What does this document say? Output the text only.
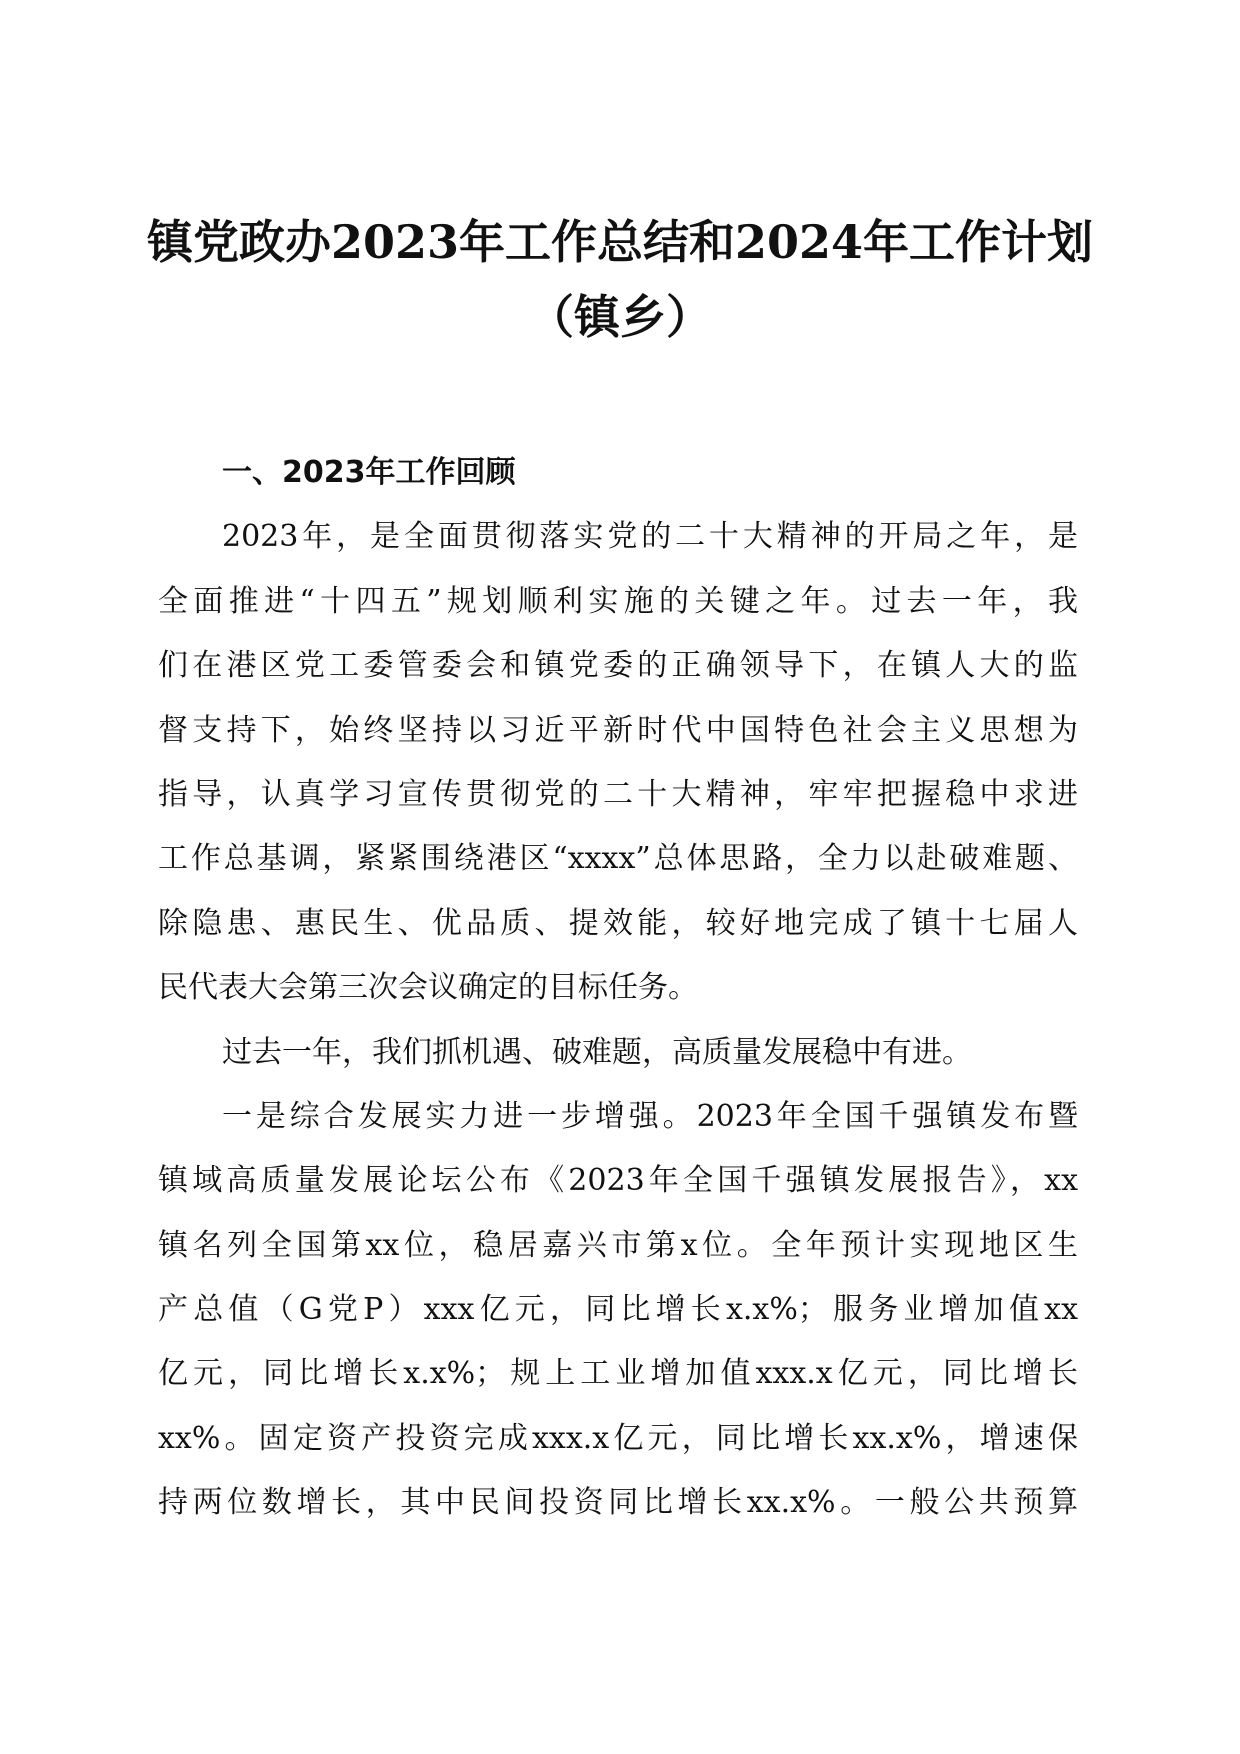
镇党政办2023年工作总结和2024年工作计划
（镇乡）
一、2023年工作回顾
2023年，是全面贯彻落实党的二十大精神的开局之年，是
全面推进“十四五”规划顺利实施的关键之年。过去一年，我
们在港区党工委管委会和镇党委的正确领导下，在镇人大的监
督支持下，始终坚持以习近平新时代中国特色社会主义思想为
指导，认真学习宣传贯彻党的二十大精神，牢牢把握稳中求进
工作总基调，紧紧围绕港区“xxxx”总体思路，全力以赴破难题、
除隐患、惠民生、优品质、提效能，较好地完成了镇十七届人
民代表大会第三次会议确定的目标任务。
过去一年，我们抓机遇、破难题，高质量发展稳中有进。
一是综合发展实力进一步增强。2023年全国千强镇发布暨
镇域高质量发展论坛公布《2023年全国千强镇发展报告》，xx
镇名列全国第xx位，稳居嘉兴市第x位。全年预计实现地区生
产总值（G党P）xxx亿元，同比增长x.x%；服务业增加值xx
亿元，同比增长x.x%；规上工业增加值xxx.x亿元，同比增长
xx%。固定资产投资完成xxx.x亿元，同比增长xx.x%，增速保
持两位数增长，其中民间投资同比增长xx.x%。一般公共预算
